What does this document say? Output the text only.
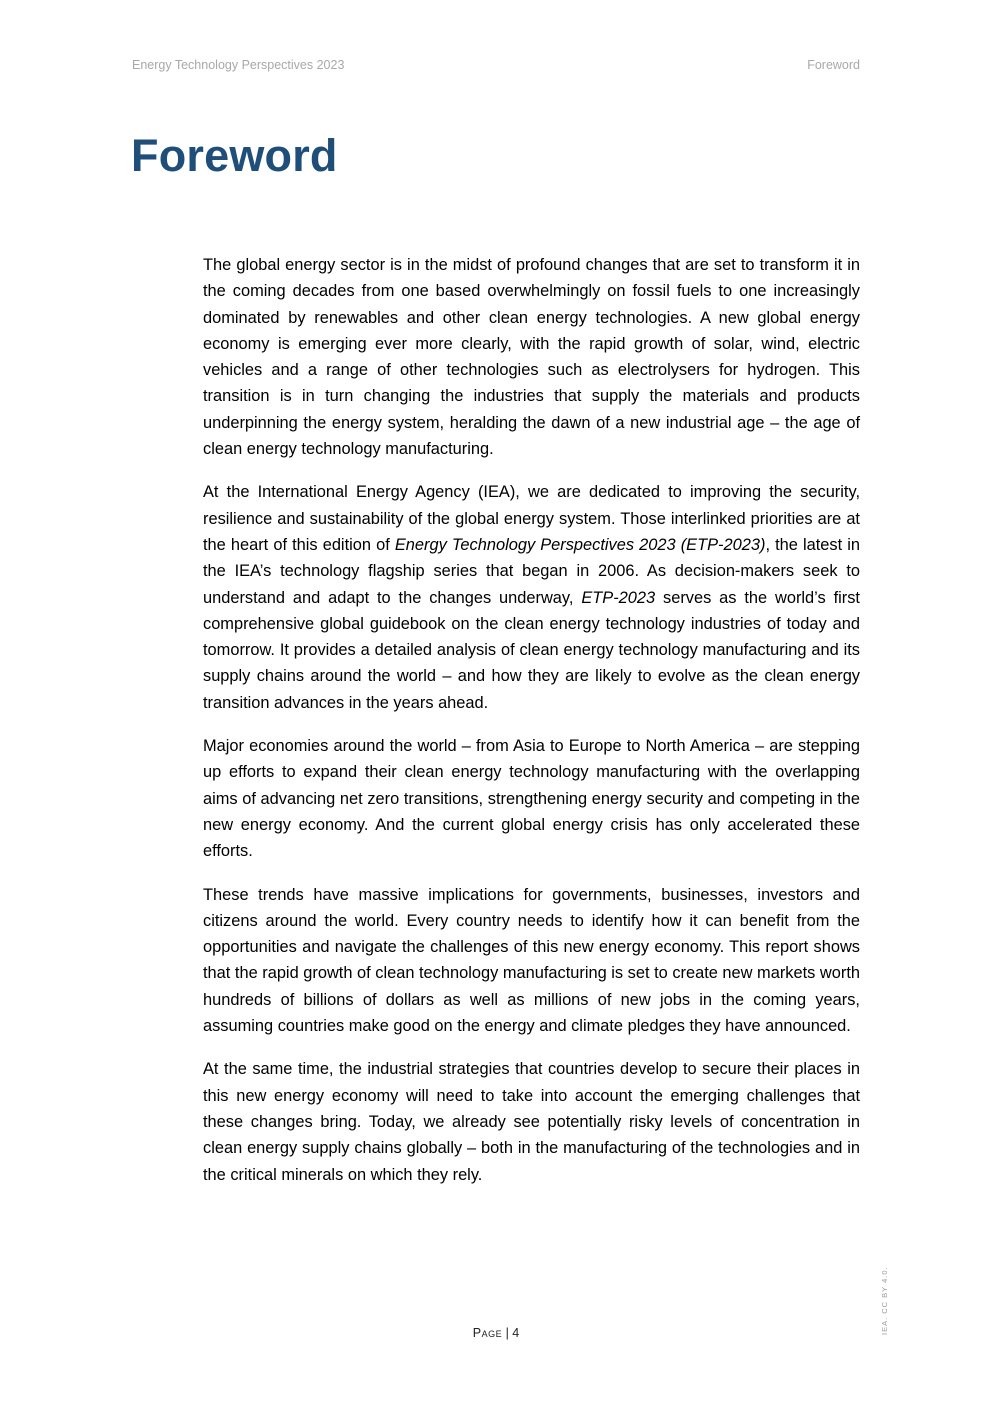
Energy Technology Perspectives 2023	Foreword
Foreword

The global energy sector is in the midst of profound changes that are set to transform it in the coming decades from one based overwhelmingly on fossil fuels to one increasingly dominated by renewables and other clean energy technologies. A new global energy economy is emerging ever more clearly, with the rapid growth of solar, wind, electric vehicles and a range of other technologies such as electrolysers for hydrogen. This transition is in turn changing the industries that supply the materials and products underpinning the energy system, heralding the dawn of a new industrial age – the age of clean energy technology manufacturing.

At the International Energy Agency (IEA), we are dedicated to improving the security, resilience and sustainability of the global energy system. Those interlinked priorities are at the heart of this edition of Energy Technology Perspectives 2023 (ETP-2023), the latest in the IEA’s technology flagship series that began in 2006. As decision-makers seek to understand and adapt to the changes underway, ETP-2023 serves as the world’s first comprehensive global guidebook on the clean energy technology industries of today and tomorrow. It provides a detailed analysis of clean energy technology manufacturing and its supply chains around the world – and how they are likely to evolve as the clean energy transition advances in the years ahead.

Major economies around the world – from Asia to Europe to North America – are stepping up efforts to expand their clean energy technology manufacturing with the overlapping aims of advancing net zero transitions, strengthening energy security and competing in the new energy economy. And the current global energy crisis has only accelerated these efforts.

These trends have massive implications for governments, businesses, investors and citizens around the world. Every country needs to identify how it can benefit from the opportunities and navigate the challenges of this new energy economy. This report shows that the rapid growth of clean technology manufacturing is set to create new markets worth hundreds of billions of dollars as well as millions of new jobs in the coming years, assuming countries make good on the energy and climate pledges they have announced.

At the same time, the industrial strategies that countries develop to secure their places in this new energy economy will need to take into account the emerging challenges that these changes bring. Today, we already see potentially risky levels of concentration in clean energy supply chains globally – both in the manufacturing of the technologies and in the critical minerals on which they rely.

Page | 4	IEA. CC BY 4.0.
